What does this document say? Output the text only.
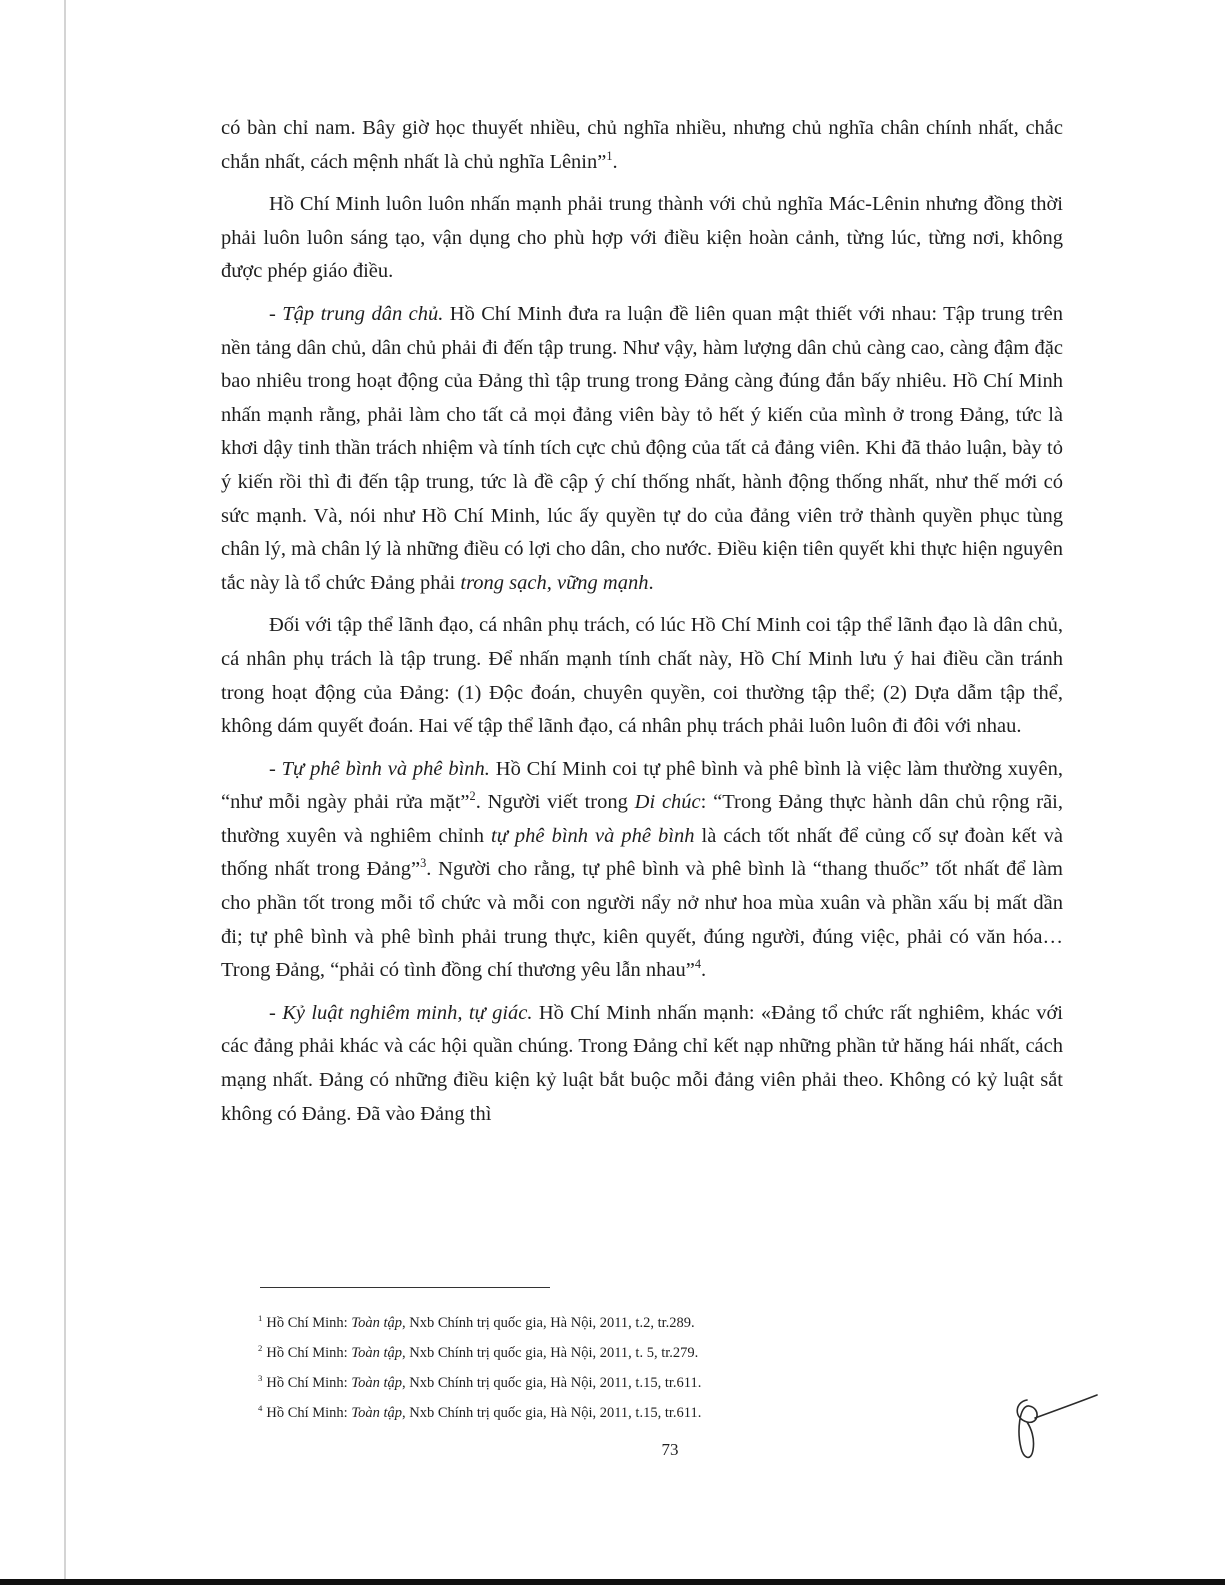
có bàn chỉ nam. Bây giờ học thuyết nhiều, chủ nghĩa nhiều, nhưng chủ nghĩa chân chính nhất, chắc chắn nhất, cách mệnh nhất là chủ nghĩa Lênin”$^1$.

Hồ Chí Minh luôn luôn nhấn mạnh phải trung thành với chủ nghĩa Mác-Lênin nhưng đồng thời phải luôn luôn sáng tạo, vận dụng cho phù hợp với điều kiện hoàn cảnh, từng lúc, từng nơi, không được phép giáo điều.

- Tập trung dân chủ. Hồ Chí Minh đưa ra luận đề liên quan mật thiết với nhau: Tập trung trên nền tảng dân chủ, dân chủ phải đi đến tập trung. Như vậy, hàm lượng dân chủ càng cao, càng đậm đặc bao nhiêu trong hoạt động của Đảng thì tập trung trong Đảng càng đúng đắn bấy nhiêu. Hồ Chí Minh nhấn mạnh rằng, phải làm cho tất cả mọi đảng viên bày tỏ hết ý kiến của mình ở trong Đảng, tức là khơi dậy tinh thần trách nhiệm và tính tích cực chủ động của tất cả đảng viên. Khi đã thảo luận, bày tỏ ý kiến rồi thì đi đến tập trung, tức là đề cập ý chí thống nhất, hành động thống nhất, như thế mới có sức mạnh. Và, nói như Hồ Chí Minh, lúc ấy quyền tự do của đảng viên trở thành quyền phục tùng chân lý, mà chân lý là những điều có lợi cho dân, cho nước. Điều kiện tiên quyết khi thực hiện nguyên tắc này là tổ chức Đảng phải trong sạch, vững mạnh.

Đối với tập thể lãnh đạo, cá nhân phụ trách, có lúc Hồ Chí Minh coi tập thể lãnh đạo là dân chủ, cá nhân phụ trách là tập trung. Để nhấn mạnh tính chất này, Hồ Chí Minh lưu ý hai điều cần tránh trong hoạt động của Đảng: (1) Độc đoán, chuyên quyền, coi thường tập thể; (2) Dựa dẫm tập thể, không dám quyết đoán. Hai vế tập thể lãnh đạo, cá nhân phụ trách phải luôn luôn đi đôi với nhau.

- Tự phê bình và phê bình. Hồ Chí Minh coi tự phê bình và phê bình là việc làm thường xuyên, “như mỗi ngày phải rửa mặt”$^2$. Người viết trong Di chúc: “Trong Đảng thực hành dân chủ rộng rãi, thường xuyên và nghiêm chỉnh tự phê bình và phê bình là cách tốt nhất để củng cố sự đoàn kết và thống nhất trong Đảng”$^3$. Người cho rằng, tự phê bình và phê bình là “thang thuốc” tốt nhất để làm cho phần tốt trong mỗi tổ chức và mỗi con người nẩy nở như hoa mùa xuân và phần xấu bị mất dần đi; tự phê bình và phê bình phải trung thực, kiên quyết, đúng người, đúng việc, phải có văn hóa…Trong Đảng, “phải có tình đồng chí thương yêu lẫn nhau”$^4$.

- Kỷ luật nghiêm minh, tự giác. Hồ Chí Minh nhấn mạnh: «Đảng tổ chức rất nghiêm, khác với các đảng phải khác và các hội quần chúng. Trong Đảng chỉ kết nạp những phần tử hăng hái nhất, cách mạng nhất. Đảng có những điều kiện kỷ luật bắt buộc mỗi đảng viên phải theo. Không có kỷ luật sắt không có Đảng. Đã vào Đảng thì

$^1$ Hồ Chí Minh: Toàn tập, Nxb Chính trị quốc gia, Hà Nội, 2011, t.2, tr.289.
$^2$ Hồ Chí Minh: Toàn tập, Nxb Chính trị quốc gia, Hà Nội, 2011, t. 5, tr.279.
$^3$ Hồ Chí Minh: Toàn tập, Nxb Chính trị quốc gia, Hà Nội, 2011, t.15, tr.611.
$^4$ Hồ Chí Minh: Toàn tập, Nxb Chính trị quốc gia, Hà Nội, 2011, t.15, tr.611.
73
